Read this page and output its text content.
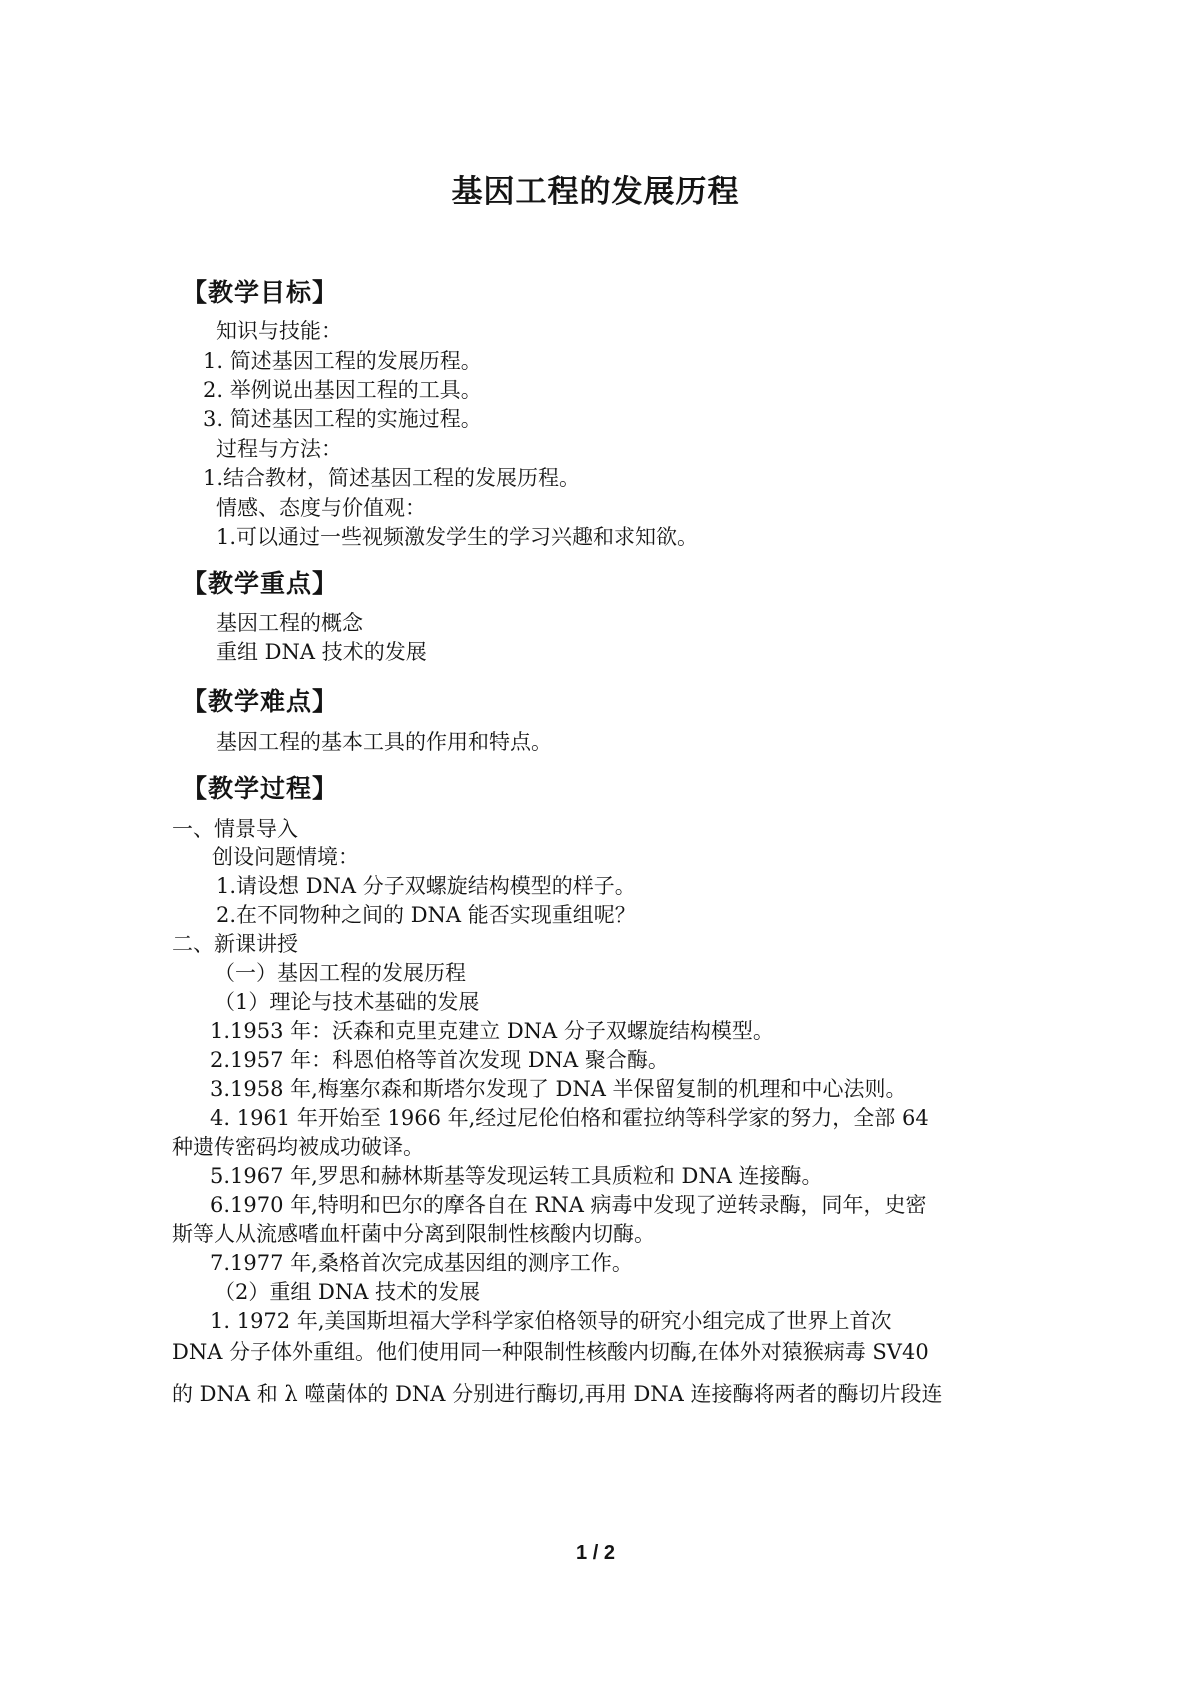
基因工程的发展历程
【教学目标】
知识与技能：
1. 简述基因工程的发展历程。
2. 举例说出基因工程的工具。
3. 简述基因工程的实施过程。
过程与方法：
1.结合教材，简述基因工程的发展历程。
情感、态度与价值观：
1.可以通过一些视频激发学生的学习兴趣和求知欲。
【教学重点】
基因工程的概念
重组 DNA 技术的发展
【教学难点】
基因工程的基本工具的作用和特点。
【教学过程】
一、情景导入
创设问题情境：
1.请设想 DNA 分子双螺旋结构模型的样子。
2.在不同物种之间的 DNA 能否实现重组呢？
二、新课讲授
（一）基因工程的发展历程
（1）理论与技术基础的发展
1.1953 年：沃森和克里克建立 DNA 分子双螺旋结构模型。
2.1957 年：科恩伯格等首次发现 DNA 聚合酶。
3.1958 年,梅塞尔森和斯塔尔发现了 DNA 半保留复制的机理和中心法则。
4. 1961 年开始至 1966 年,经过尼伦伯格和霍拉纳等科学家的努力，全部 64
种遗传密码均被成功破译。
5.1967 年,罗思和赫林斯基等发现运转工具质粒和 DNA 连接酶。
6.1970 年,特明和巴尔的摩各自在 RNA 病毒中发现了逆转录酶，同年，史密
斯等人从流感嗜血杆菌中分离到限制性核酸内切酶。
7.1977 年,桑格首次完成基因组的测序工作。
（2）重组 DNA 技术的发展
1. 1972 年,美国斯坦福大学科学家伯格领导的研究小组完成了世界上首次
DNA 分子体外重组。他们使用同一种限制性核酸内切酶,在体外对猿猴病毒 SV40
的 DNA 和 λ 噬菌体的 DNA 分别进行酶切,再用 DNA 连接酶将两者的酶切片段连
1 / 2
